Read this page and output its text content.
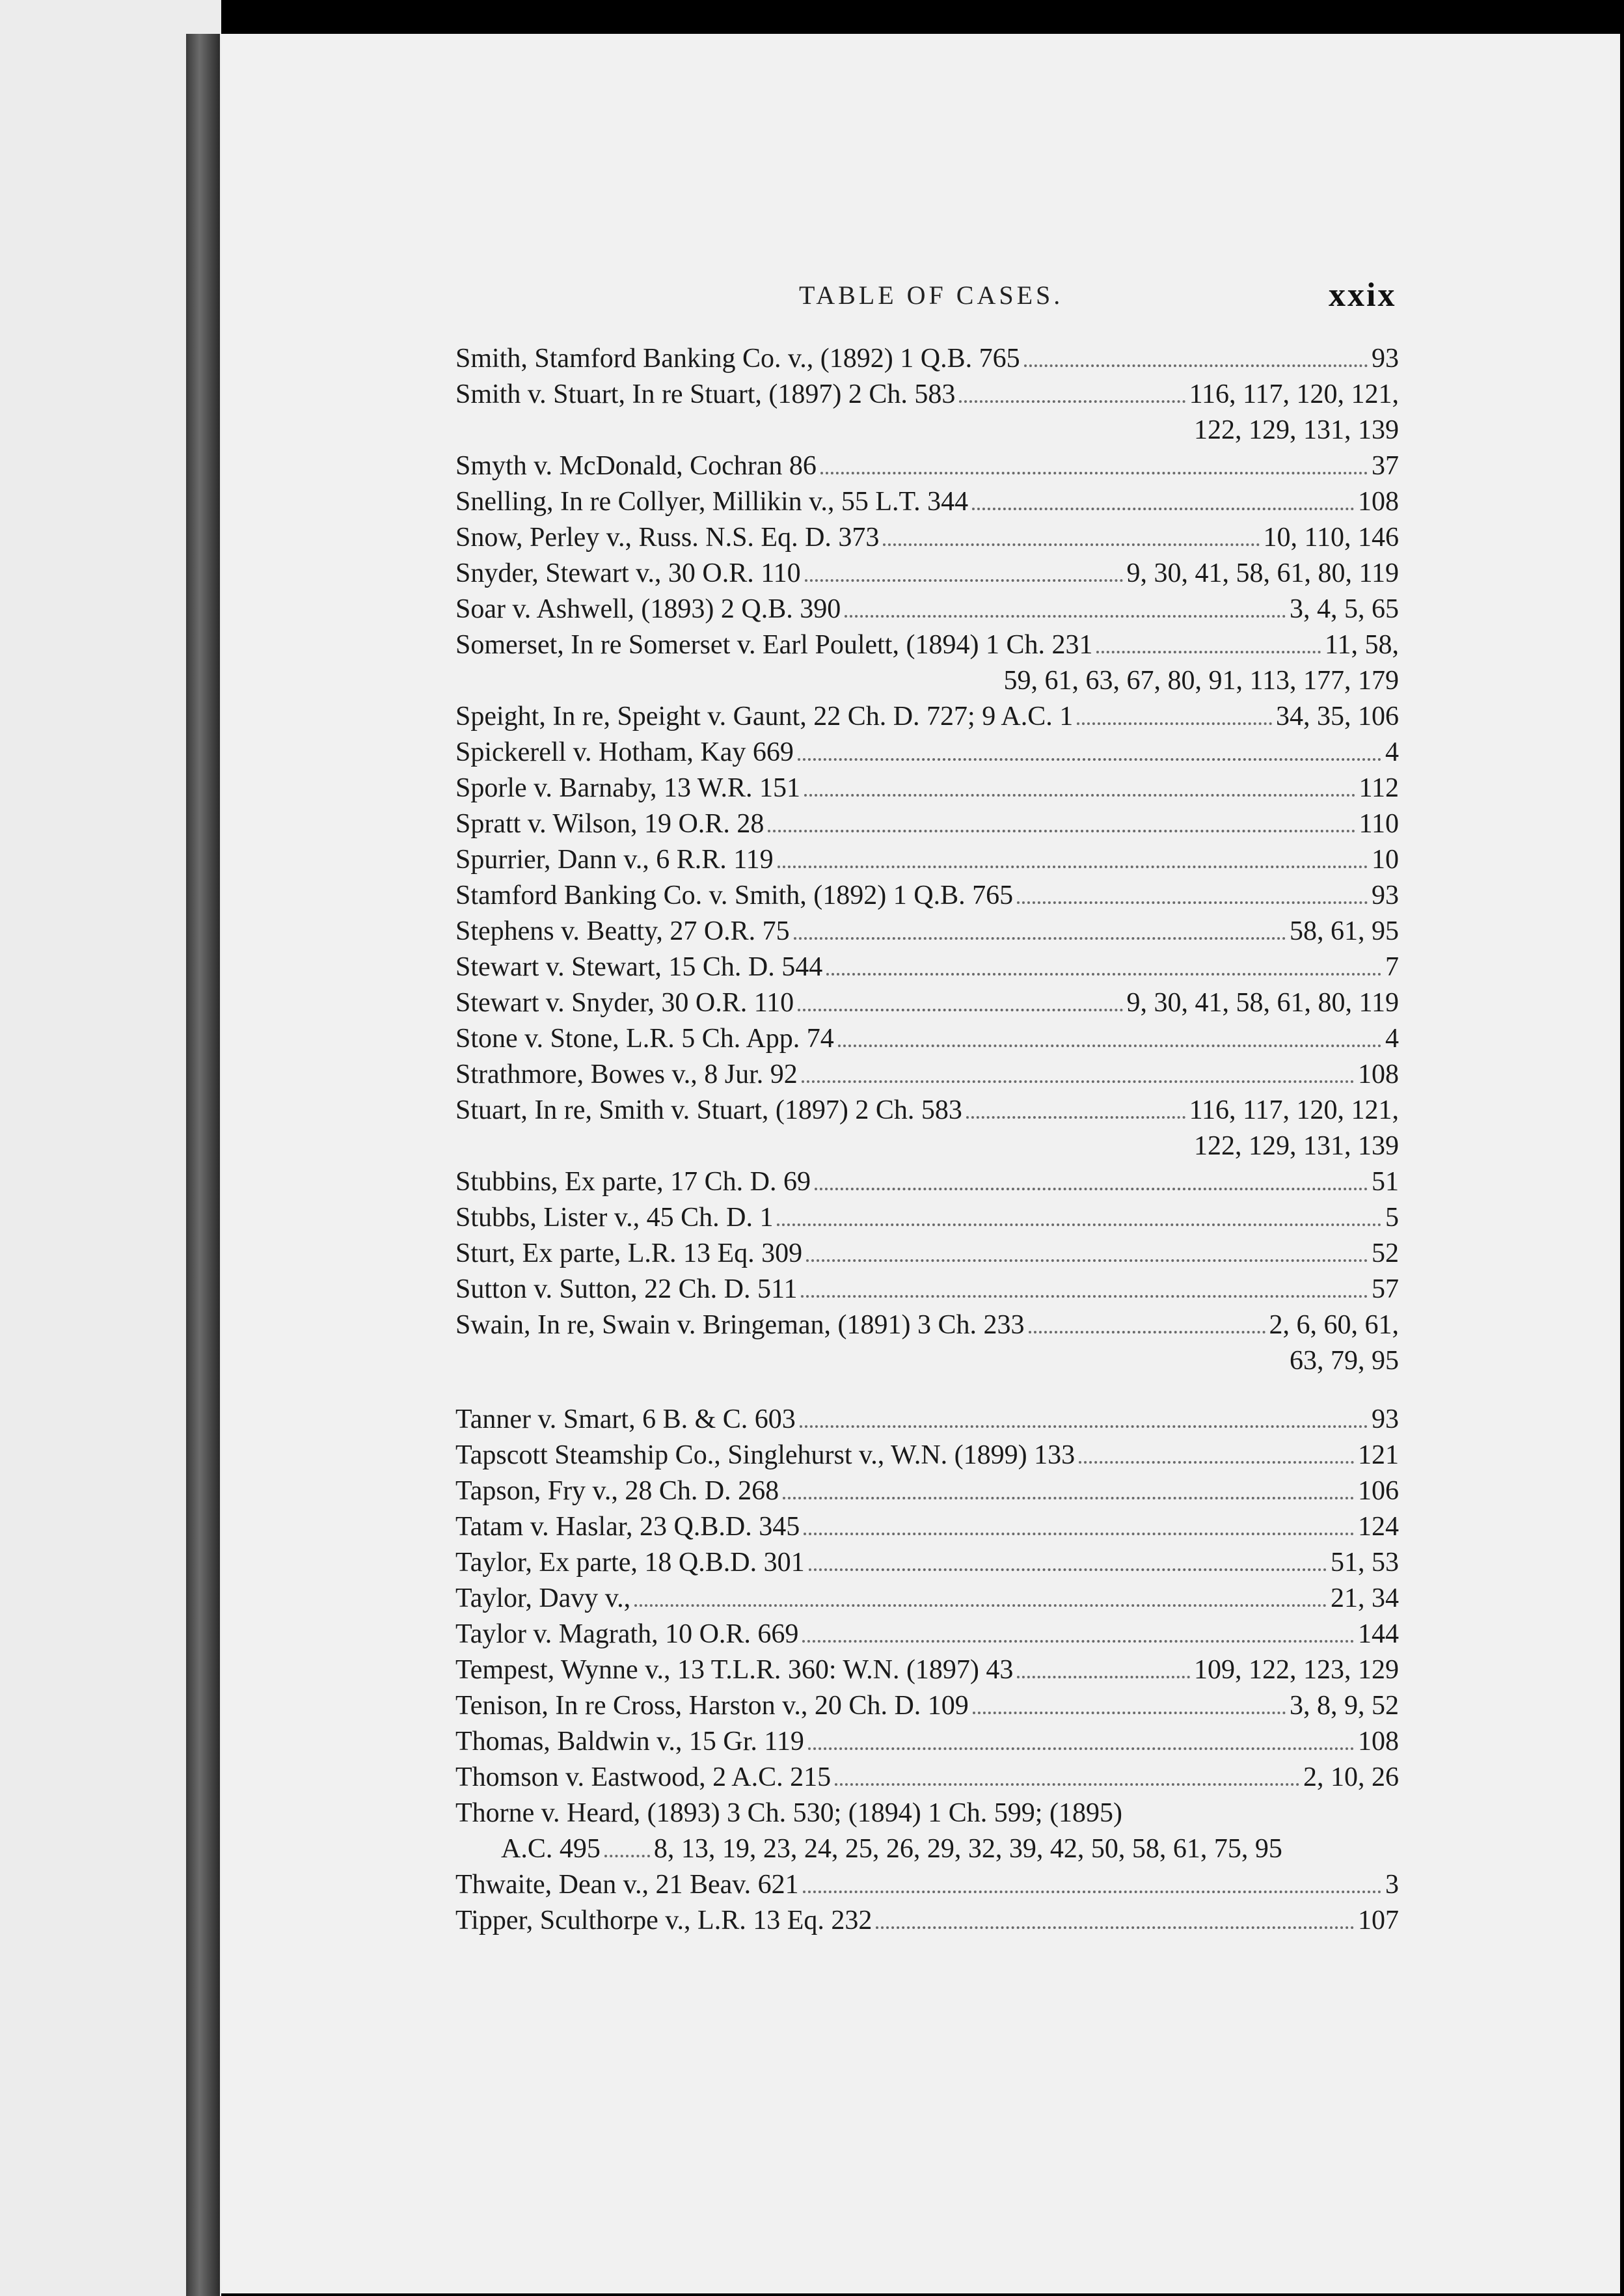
TABLE OF CASES.	xxix
Smith, Stamford Banking Co. v., (1892) 1 Q.B. 765	93
Smith v. Stuart, In re Stuart, (1897) 2 Ch. 583	116, 117, 120, 121,
122, 129, 131, 139
Smyth v. McDonald, Cochran 86	37
Snelling, In re Collyer, Millikin v., 55 L.T. 344	108
Snow, Perley v., Russ. N.S. Eq. D. 373	10, 110, 146
Snyder, Stewart v., 30 O.R. 110	9, 30, 41, 58, 61, 80, 119
Soar v. Ashwell, (1893) 2 Q.B. 390	3, 4, 5, 65
Somerset, In re Somerset v. Earl Poulett, (1894) 1 Ch. 231	11, 58,
59, 61, 63, 67, 80, 91, 113, 177, 179
Speight, In re, Speight v. Gaunt, 22 Ch. D. 727; 9 A.C. 1	34, 35, 106
Spickerell v. Hotham, Kay 669	4
Sporle v. Barnaby, 13 W.R. 151	112
Spratt v. Wilson, 19 O.R. 28	110
Spurrier, Dann v., 6 R.R. 119	10
Stamford Banking Co. v. Smith, (1892) 1 Q.B. 765	93
Stephens v. Beatty, 27 O.R. 75	58, 61, 95
Stewart v. Stewart, 15 Ch. D. 544	7
Stewart v. Snyder, 30 O.R. 110	9, 30, 41, 58, 61, 80, 119
Stone v. Stone, L.R. 5 Ch. App. 74	4
Strathmore, Bowes v., 8 Jur. 92	108
Stuart, In re, Smith v. Stuart, (1897) 2 Ch. 583	116, 117, 120, 121,
122, 129, 131, 139
Stubbins, Ex parte, 17 Ch. D. 69	51
Stubbs, Lister v., 45 Ch. D. 1	5
Sturt, Ex parte, L.R. 13 Eq. 309	52
Sutton v. Sutton, 22 Ch. D. 511	57
Swain, In re, Swain v. Bringeman, (1891) 3 Ch. 233	2, 6, 60, 61,
63, 79, 95
Tanner v. Smart, 6 B. & C. 603	93
Tapscott Steamship Co., Singlehurst v., W.N. (1899) 133	121
Tapson, Fry v., 28 Ch. D. 268	106
Tatam v. Haslar, 23 Q.B.D. 345	124
Taylor, Ex parte, 18 Q.B.D. 301	51, 53
Taylor, Davy v.,	21, 34
Taylor v. Magrath, 10 O.R. 669	144
Tempest, Wynne v., 13 T.L.R. 360: W.N. (1897) 43	109, 122, 123, 129
Tenison, In re Cross, Harston v., 20 Ch. D. 109	3, 8, 9, 52
Thomas, Baldwin v., 15 Gr. 119	108
Thomson v. Eastwood, 2 A.C. 215	2, 10, 26
Thorne v. Heard, (1893) 3 Ch. 530; (1894) 1 Ch. 599; (1895)
A.C. 495 8, 13, 19, 23, 24, 25, 26, 29, 32, 39, 42, 50, 58, 61, 75, 95
Thwaite, Dean v., 21 Beav. 621	3
Tipper, Sculthorpe v., L.R. 13 Eq. 232	107
